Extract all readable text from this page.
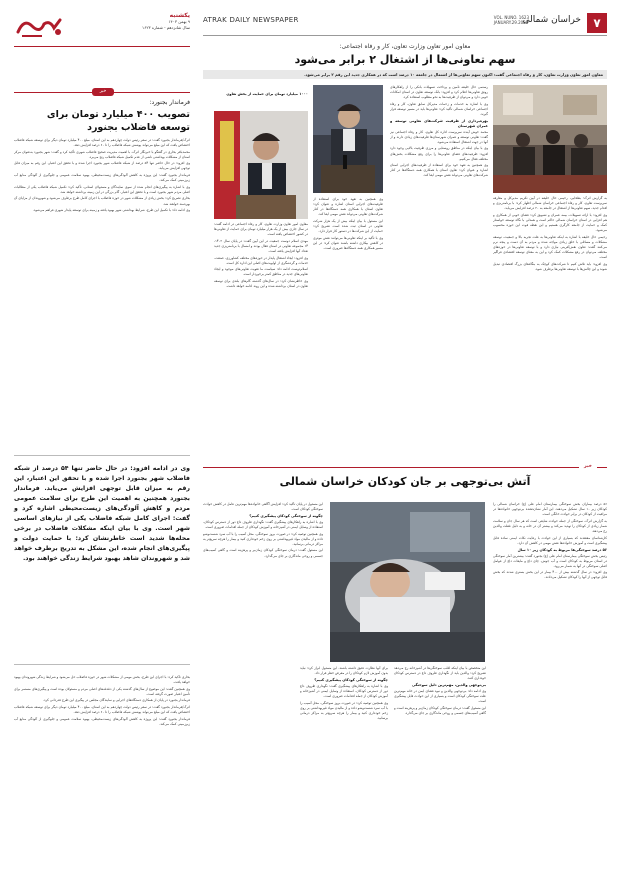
۷
خراسان شمالی
VOL. NUNO. 1623
JANUARY.29.2025
ATRAK DAILY NEWSPAPER
یکشنبه
۹ بهمن ۱۴۰۳
سال شانزدهم - شماره ۱۶۲۳
معاون امور تعاون وزارت تعاون، کار و رفاه اجتماعی:
سهم تعاونی‌ها از اشتغال ۲ برابر می‌شود
معاون امور تعاون وزارت تعاون، کار و رفاه اجتماعی گفت: اکنون سهم تعاونی‌ها از اشتغال در جامعه ۱۰ درصد است که در همکاری جدید این رقم ۲ برابر می‌شود.

به گزارش اترک؛ بطحایی، رحیمی حال‌ خلیفه در آیین تکریم مدیرکل و معارفه سرپرست تعاون، کار و رفاه اجتماعی خراسان شمالی اظهار کرد: با برنامه‌ریزی و اقدام جدید، سهم تعاونی‌ها از اشتغال در جامعه به ۲۰ درصد افزایش می‌یابد.

وی افزود: با ارائه تسهیلات، بیمه عمران و تشویق کرد: فضای خوبی از همکاری و هم افزایی در استان خراسان شمالی حاکم است و همدلی با نگاه توسعه خواستار کمک و حمایت از جامعه کارگری هستیم و این نقطه قوت این حوزه محسوب می‌شود.

رحیمی حال‌ خلیفه با اشاره به اینکه تعاونی‌ها به علت تجربه بالا و جمعیت، توسعه مشکلات و مسائلی با خلق زیادی مواجه شده و مردم به آن دست و پنجه نرم می‌کنند گفت: تعاون نقش‌آفرینی نیازی دارد و با توسعه تعاونی‌ها در حوزه‌های مختلف می‌توان در رفع مشکلات کمک کرد و این به معنای توسعه اقتصادی فراگیر است.

وی افزود: باید تلاش کنیم تا شرکت‌های کوچک به بنگاه‌های بزرگ اقتصادی تبدیل شوند و این چالش‌ها با توسعه تعاونی‌ها برطرف شود.

رستمی حال خلیفه تأمین و پرداخت تسهیلات بانکی را از راهکارهای رونق تعاونی‌ها اعلام کرد و افزود: بانک توسعه تعاون در استان امکانات خوبی دارد و می‌توان از ظرفیت‌ها به نحو مطلوب استفاده کرد.

وی با اشاره به خدمات و زحمات مدیرکل سابق تعاون، کار و رفاه اجتماعی خراسان شمالی تأکید کرد: تعاونی‌ها باید در مسیر توسعه قرار گیرند.

بهره‌برداری از ظرفیت شرکت‌های تعاونی توسعه و عمران شهرستان

محمد خوش‌ آینده سرپرست اداره کل تعاون، کار و رفاه اجتماعی نیز گفت: تعاونی توسعه و عمران شهرستان‌ها ظرفیت‌های زیادی دارند و از آنها در جهت اشتغال استفاده می‌شود.

وی با بیان اینکه در مناطق روستایی و مرزی ظرفیت بالایی وجود دارد افزود: ظرفیت‌های فضای تعاونی‌ها را برای رفع مشکلات بخش‌های مختلف فعال می‌کنیم.

وی همچنین به تعهد خود برای استفاده از ظرفیت‌های اجرایی استان اشاره و عنوان کرد: تعاون استان با همکاری همه دستگاه‌ها در کنار شرکت‌های تعاونی می‌تواند نقش مهمی ایفا کند.

وی همچنین به تعهد خود برای استفاده از ظرفیت‌های اجرایی استان اشاره و عنوان کرد: تعاون استان با همکاری همه دستگاه‌ها در کنار شرکت‌های تعاونی می‌تواند نقش مهمی ایفا کند.

این مسئول با بیان اینکه بیش از یک هزار شرکت تعاونی در استان ثبت شده است تصریح کرد: حمایت از این شرکت‌ها در دستور کار قرار دارد.

وی با تأکید بر اینکه تعاونی‌ها می‌توانند نقش موثری در کاهش بیکاری داشته باشند عنوان کرد: در این مسیر همکاری همه دستگاه‌ها ضروری است.

۱۰۰۰ میلیارد تومان برای حمایت از بخش تعاون

معاون امور تعاون وزارت تعاون، کار و رفاه اجتماعی در ادامه گفت: در سال جاری بیش از یک هزار میلیارد تومان برای حمایت از تعاونی‌ها در کشور اختصاص یافته است.

مهدی اسلام‌ دوست جمعیت در این آیین گفت: در پایان سال ۱۴۰۲، ۱۴ مجموعه تعاونی در استان فعال بودند و امسال با برنامه‌ریزی جدید تعداد آنها افزایش یافته است.

وی افزود: ایجاد اشتغال پایدار در حوزه‌های مختلف کشاورزی، صنعت، خدمات و گردشگری از اولویت‌های اصلی این اداره کل است.

اسلام‌دوست ادامه داد: سیاست ما تقویت تعاونی‌های موجود و ایجاد تعاونی‌های جدید در مناطق کمتر برخوردار است.

وی خاطرنشان کرد: در سال‌های گذشته گام‌های بلندی برای توسعه تعاون در استان برداشته شده و این روند ادامه خواهد داشت.

خبر
فرماندار بجنورد:
تصویب ۴۰۰ میلیارد تومان برای توسعه فاضلاب بجنورد

اترک/فرماندار بجنورد گفت: در سفر رئیس دولت چهاردهم به این استان، مبلغ ۴۰۰ میلیارد تومان دیگر برای توسعه شبکه فاضلاب اختصاص یافت که این مبلغ می‌تواند پوشش شبکه فاضلاب را تا ۶۰ درصد افزایش دهد.

محمدباقر بخاری در گفتگو با خبرنگار اترک، با اهمیت مدیریت صحیح فاضلاب شهری تأکید کرد و گفت: شهر بجنورد به‌عنوان مرکز استان از مشکلات بهداشتی ناشی از عدم تکمیل شبکه فاضلاب رنج می‌برد.

وی افزود: در حال حاضر تنها ۵۴ درصد از شبکه فاضلاب شهر بجنورد اجرا شده و با تحقق این اعتبار، این رقم به میزان قابل توجهی افزایش می‌یابد.

فرماندار بجنورد گفت: این پروژه به کاهش آلودگی‌های زیست‌محیطی، بهبود سلامت عمومی و جلوگیری از آلودگی منابع آب زیرزمینی کمک می‌کند.

وی با اشاره به پیگیری‌های انجام شده از سوی نمایندگان و مسئولان استانی، تأکید کرد: تکمیل شبکه فاضلاب یکی از مطالبات اصلی مردم شهر بجنورد است و با تحقق این اعتبار، گام بزرگی در این زمینه برداشته خواهد شد.

بخاری تصریح کرد: بخش زیادی از مشکلات شهر در حوزه فاضلاب با اجرای کامل طرح برطرف می‌شود و شهروندان از مزایای آن بهره‌مند خواهند شد.

وی ادامه داد: با تکمیل این طرح، شرایط بهداشتی شهر بهبود یافته و زمینه برای توسعه پایدار شهری فراهم می‌شود.

وی در ادامه افزود: در حال حاضر تنها ۵۴ درصد از شبکه فاضلاب شهر بجنورد اجرا شده و با تحقق این اعتبار، این رقم به میزان قابل توجهی افزایش می‌یابد. فرماندار بجنورد همچنین به اهمیت این طرح برای سلامت عمومی مردم و کاهش آلودگی‌های زیست‌محیطی اشاره کرد و گفت: اجرای کامل شبکه فاضلاب یکی از نیازهای اساسی شهر است. وی با بیان اینکه مشکلات فاضلاب در برخی محله‌ها شدید است خاطرنشان کرد: با حمایت دولت و پیگیری‌های انجام شده، این مشکل به تدریج برطرف خواهد شد و شهروندان شاهد بهبود شرایط زندگی خواهند بود.

بخاری تأکید کرد: با اجرای این طرح، بخش مهمی از مشکلات شهر در حوزه فاضلاب حل می‌شود و شرایط زندگی شهروندان بهبود خواهد یافت.

وی همچنین گفت: این موضوع از سال‌های گذشته یکی از دغدغه‌های اصلی مردم و مسئولان بوده است و پیگیری‌های مستمر برای تأمین اعتبار صورت گرفته است.

فرماندار بجنورد در پایان از همکاری دستگاه‌های اجرایی و نمایندگان مجلس در پیگیری این طرح قدردانی کرد.

اترک/فرماندار بجنورد گفت: در سفر رئیس دولت چهاردهم به این استان، مبلغ ۴۰۰ میلیارد تومان دیگر برای توسعه شبکه فاضلاب اختصاص یافت که این مبلغ می‌تواند پوشش شبکه فاضلاب را تا ۶۰ درصد افزایش دهد.

فرماندار بجنورد گفت: این پروژه به کاهش آلودگی‌های زیست‌محیطی، بهبود سلامت عمومی و جلوگیری از آلودگی منابع آب زیرزمینی کمک می‌کند.

خبر
آتش بی‌توجهی بر جان کودکان خراسان شمالی

۵۶ درصد بیماران بخش سوختگی بیمارستان امام علی (ع) خراسان شمالی را کودکان زیر ۱۰ سال تشکیل می‌دهند. این آمار نشان‌دهنده بی‌توجهی خانواده‌ها در مراقبت از کودکان در برابر حوادث خانگی است.

به گزارش اترک، سوختگی از جمله حوادث شایعی است که هر سال جان و سلامت شمار زیادی از کودکان را تهدید می‌کند و بیشتر آن در خانه و به دلیل غفلت والدین رخ می‌دهد.

کارشناسان معتقدند که بسیاری از این حوادث با رعایت نکات ایمنی ساده قابل پیشگیری است و آموزش خانواده‌ها نقش مهمی در کاهش آن دارد.

۵۶ درصد سوختگی‌ها مربوط به کودکان زیر ۱۰ سال

رئیس بخش سوختگی بیمارستان امام علی (ع) بجنورد گفت: بیشترین آمار سوختگی در استان مربوط به کودکان است و آب جوش، چای داغ و مایعات داغ از عوامل اصلی سوختگی در آنها به شمار می‌رود.

وی افزود: در سال گذشته بیش از ۴۰۰ بیمار در این بخش بستری شدند که بخش قابل توجهی از آنها را کودکان تشکیل می‌دادند.

این متخصص با بیان اینکه اغلب سوختگی‌ها در آشپزخانه رخ می‌دهد تصریح کرد: والدین باید از نگهداری ظروف داغ در دسترس کودکان خودداری کنند.

بی‌توجهی والدین، مهم‌ترین دلیل سوختگی

وی ادامه داد: بی‌توجهی والدین و نبود فضای ایمن در خانه مهم‌ترین علت سوختگی کودکان است و بسیاری از این حوادث قابل پیشگیری است.

این مسئول گفت: درمان سوختگی کودکان زمان‌بر و پرهزینه است و گاهی آسیب‌های جسمی و روحی ماندگاری بر جای می‌گذارد.

برای آنها نظارت دقیق داشته باشند. این مسئول ابراز کرد: نباید بدون آموزش لازم کودکان را در معرض خطر قرار داد.

چگونه از سوختگی کودکان پیشگیری کنیم؟

وی با اشاره به راهکارهای پیشگیری گفت: نگهداری ظروف داغ دور از دسترس کودکان، استفاده از وسایل ایمنی در آشپزخانه و آموزش کودکان از جمله اقدامات ضروری است.

وی همچنین توصیه کرد: در صورت بروز سوختگی، محل آسیب را با آب سرد شست‌وشو داده و از مالیدن مواد غیربهداشتی بر روی زخم خودداری کنید و بیمار را هرچه سریع‌تر به مراکز درمانی برسانید.

این مسئول در پایان تأکید کرد: افزایش آگاهی خانواده‌ها مهم‌ترین عامل در کاهش حوادث سوختگی کودکان است.

چگونه از سوختگی کودکان پیشگیری کنیم؟

وی با اشاره به راهکارهای پیشگیری گفت: نگهداری ظروف داغ دور از دسترس کودکان، استفاده از وسایل ایمنی در آشپزخانه و آموزش کودکان از جمله اقدامات ضروری است.

وی همچنین توصیه کرد: در صورت بروز سوختگی، محل آسیب را با آب سرد شست‌وشو داده و از مالیدن مواد غیربهداشتی بر روی زخم خودداری کنید و بیمار را هرچه سریع‌تر به مراکز درمانی برسانید.

این مسئول گفت: درمان سوختگی کودکان زمان‌بر و پرهزینه است و گاهی آسیب‌های جسمی و روحی ماندگاری بر جای می‌گذارد.
